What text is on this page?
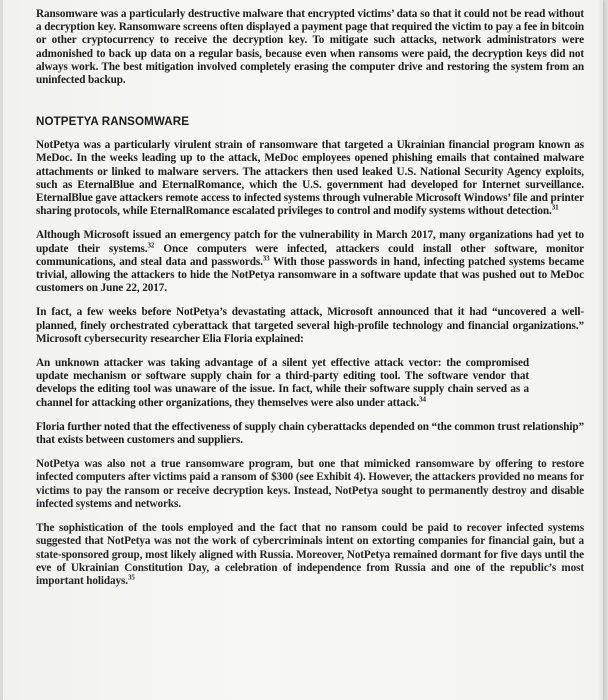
Ransomware was a particularly destructive malware that encrypted victims’ data so that it could not be read without a decryption key. Ransomware screens often displayed a payment page that required the victim to pay a fee in bitcoin or other cryptocurrency to receive the decryption key. To mitigate such attacks, network administrators were admonished to back up data on a regular basis, because even when ransoms were paid, the decryption keys did not always work. The best mitigation involved completely erasing the computer drive and restoring the system from an uninfected backup.

NOTPETYA RANSOMWARE

NotPetya was a particularly virulent strain of ransomware that targeted a Ukrainian financial program known as MeDoc. In the weeks leading up to the attack, MeDoc employees opened phishing emails that contained malware attachments or linked to malware servers. The attackers then used leaked U.S. National Security Agency exploits, such as EternalBlue and EternalRomance, which the U.S. government had developed for Internet surveillance. EternalBlue gave attackers remote access to infected systems through vulnerable Microsoft Windows’ file and printer sharing protocols, while EternalRomance escalated privileges to control and modify systems without detection.$^{31}$

Although Microsoft issued an emergency patch for the vulnerability in March 2017, many organizations had yet to update their systems.$^{32}$ Once computers were infected, attackers could install other software, monitor communications, and steal data and passwords.$^{33}$ With those passwords in hand, infecting patched systems became trivial, allowing the attackers to hide the NotPetya ransomware in a software update that was pushed out to MeDoc customers on June 22, 2017.

In fact, a few weeks before NotPetya’s devastating attack, Microsoft announced that it had “uncovered a well-planned, finely orchestrated cyberattack that targeted several high-profile technology and financial organizations.” Microsoft cybersecurity researcher Elia Floria explained:

An unknown attacker was taking advantage of a silent yet effective attack vector: the compromised update mechanism or software supply chain for a third-party editing tool. The software vendor that develops the editing tool was unaware of the issue. In fact, while their software supply chain served as a channel for attacking other organizations, they themselves were also under attack.$^{34}$

Floria further noted that the effectiveness of supply chain cyberattacks depended on “the common trust relationship” that exists between customers and suppliers.

NotPetya was also not a true ransomware program, but one that mimicked ransomware by offering to restore infected computers after victims paid a ransom of $300 (see Exhibit 4). However, the attackers provided no means for victims to pay the ransom or receive decryption keys. Instead, NotPetya sought to permanently destroy and disable infected systems and networks.

The sophistication of the tools employed and the fact that no ransom could be paid to recover infected systems suggested that NotPetya was not the work of cybercriminals intent on extorting companies for financial gain, but a state-sponsored group, most likely aligned with Russia. Moreover, NotPetya remained dormant for five days until the eve of Ukrainian Constitution Day, a celebration of independence from Russia and one of the republic’s most important holidays.$^{35}$
